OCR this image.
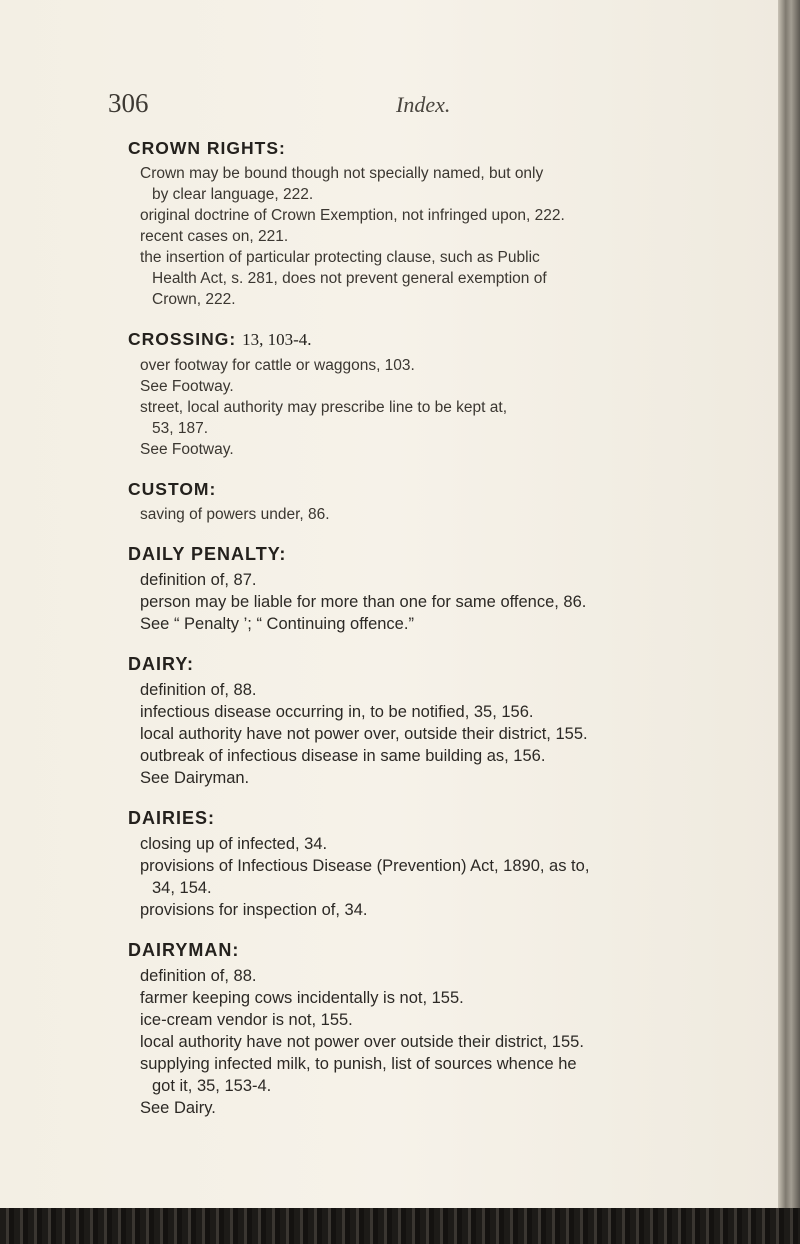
306	Index.
CROWN RIGHTS:
Crown may be bound though not specially named, but only
by clear language, 222.
original doctrine of Crown Exemption, not infringed upon, 222.
recent cases on, 221.
the insertion of particular protecting clause, such as Public
Health Act, s. 281, does not prevent general exemption of
Crown, 222.
CROSSING: 13, 103-4.
over footway for cattle or waggons, 103.
See Footway.
street, local authority may prescribe line to be kept at,
53, 187.
See Footway.
CUSTOM:
saving of powers under, 86.
DAILY PENALTY:
definition of, 87.
person may be liable for more than one for same offence, 86.
See “ Penalty ’; “ Continuing offence.”
DAIRY:
definition of, 88.
infectious disease occurring in, to be notified, 35, 156.
local authority have not power over, outside their district, 155.
outbreak of infectious disease in same building as, 156.
See Dairyman.
DAIRIES:
closing up of infected, 34.
provisions of Infectious Disease (Prevention) Act, 1890, as to,
34, 154.
provisions for inspection of, 34.
DAIRYMAN:
definition of, 88.
farmer keeping cows incidentally is not, 155.
ice-cream vendor is not, 155.
local authority have not power over outside their district, 155.
supplying infected milk, to punish, list of sources whence he
got it, 35, 153-4.
See Dairy.
